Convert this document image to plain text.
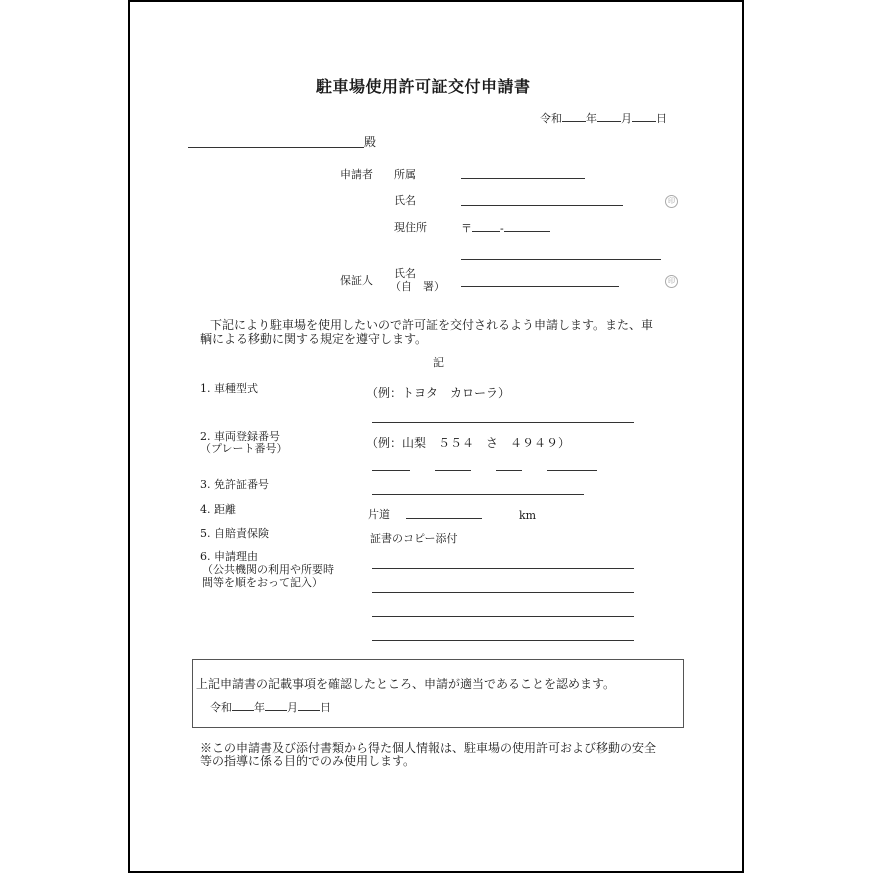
駐車場使用許可証交付申請書
令和 年 月 日
殿
申請者 所属
氏名	印
現住所	〒	-
保証人
氏名
（自　署）	印
下記により駐車場を使用したいので許可証を交付されるよう申請します。また、車
輌による移動に関する規定を遵守します。
記
1. 車種型式	（例：トヨタ　カローラ）
2. 車両登録番号
（プレート番号）	（例：山梨　５５４　さ　４９４９）
3. 免許証番号
4. 距離	片道	km
5. 自賠責保険	証書のコピー添付
6. 申請理由
（公共機関の利用や所要時
間等を順をおって記入）
上記申請書の記載事項を確認したところ、申請が適当であることを認めます。
令和 年 月 日
※この申請書及び添付書類から得た個人情報は、駐車場の使用許可および移動の安全
等の指導に係る目的でのみ使用します。
